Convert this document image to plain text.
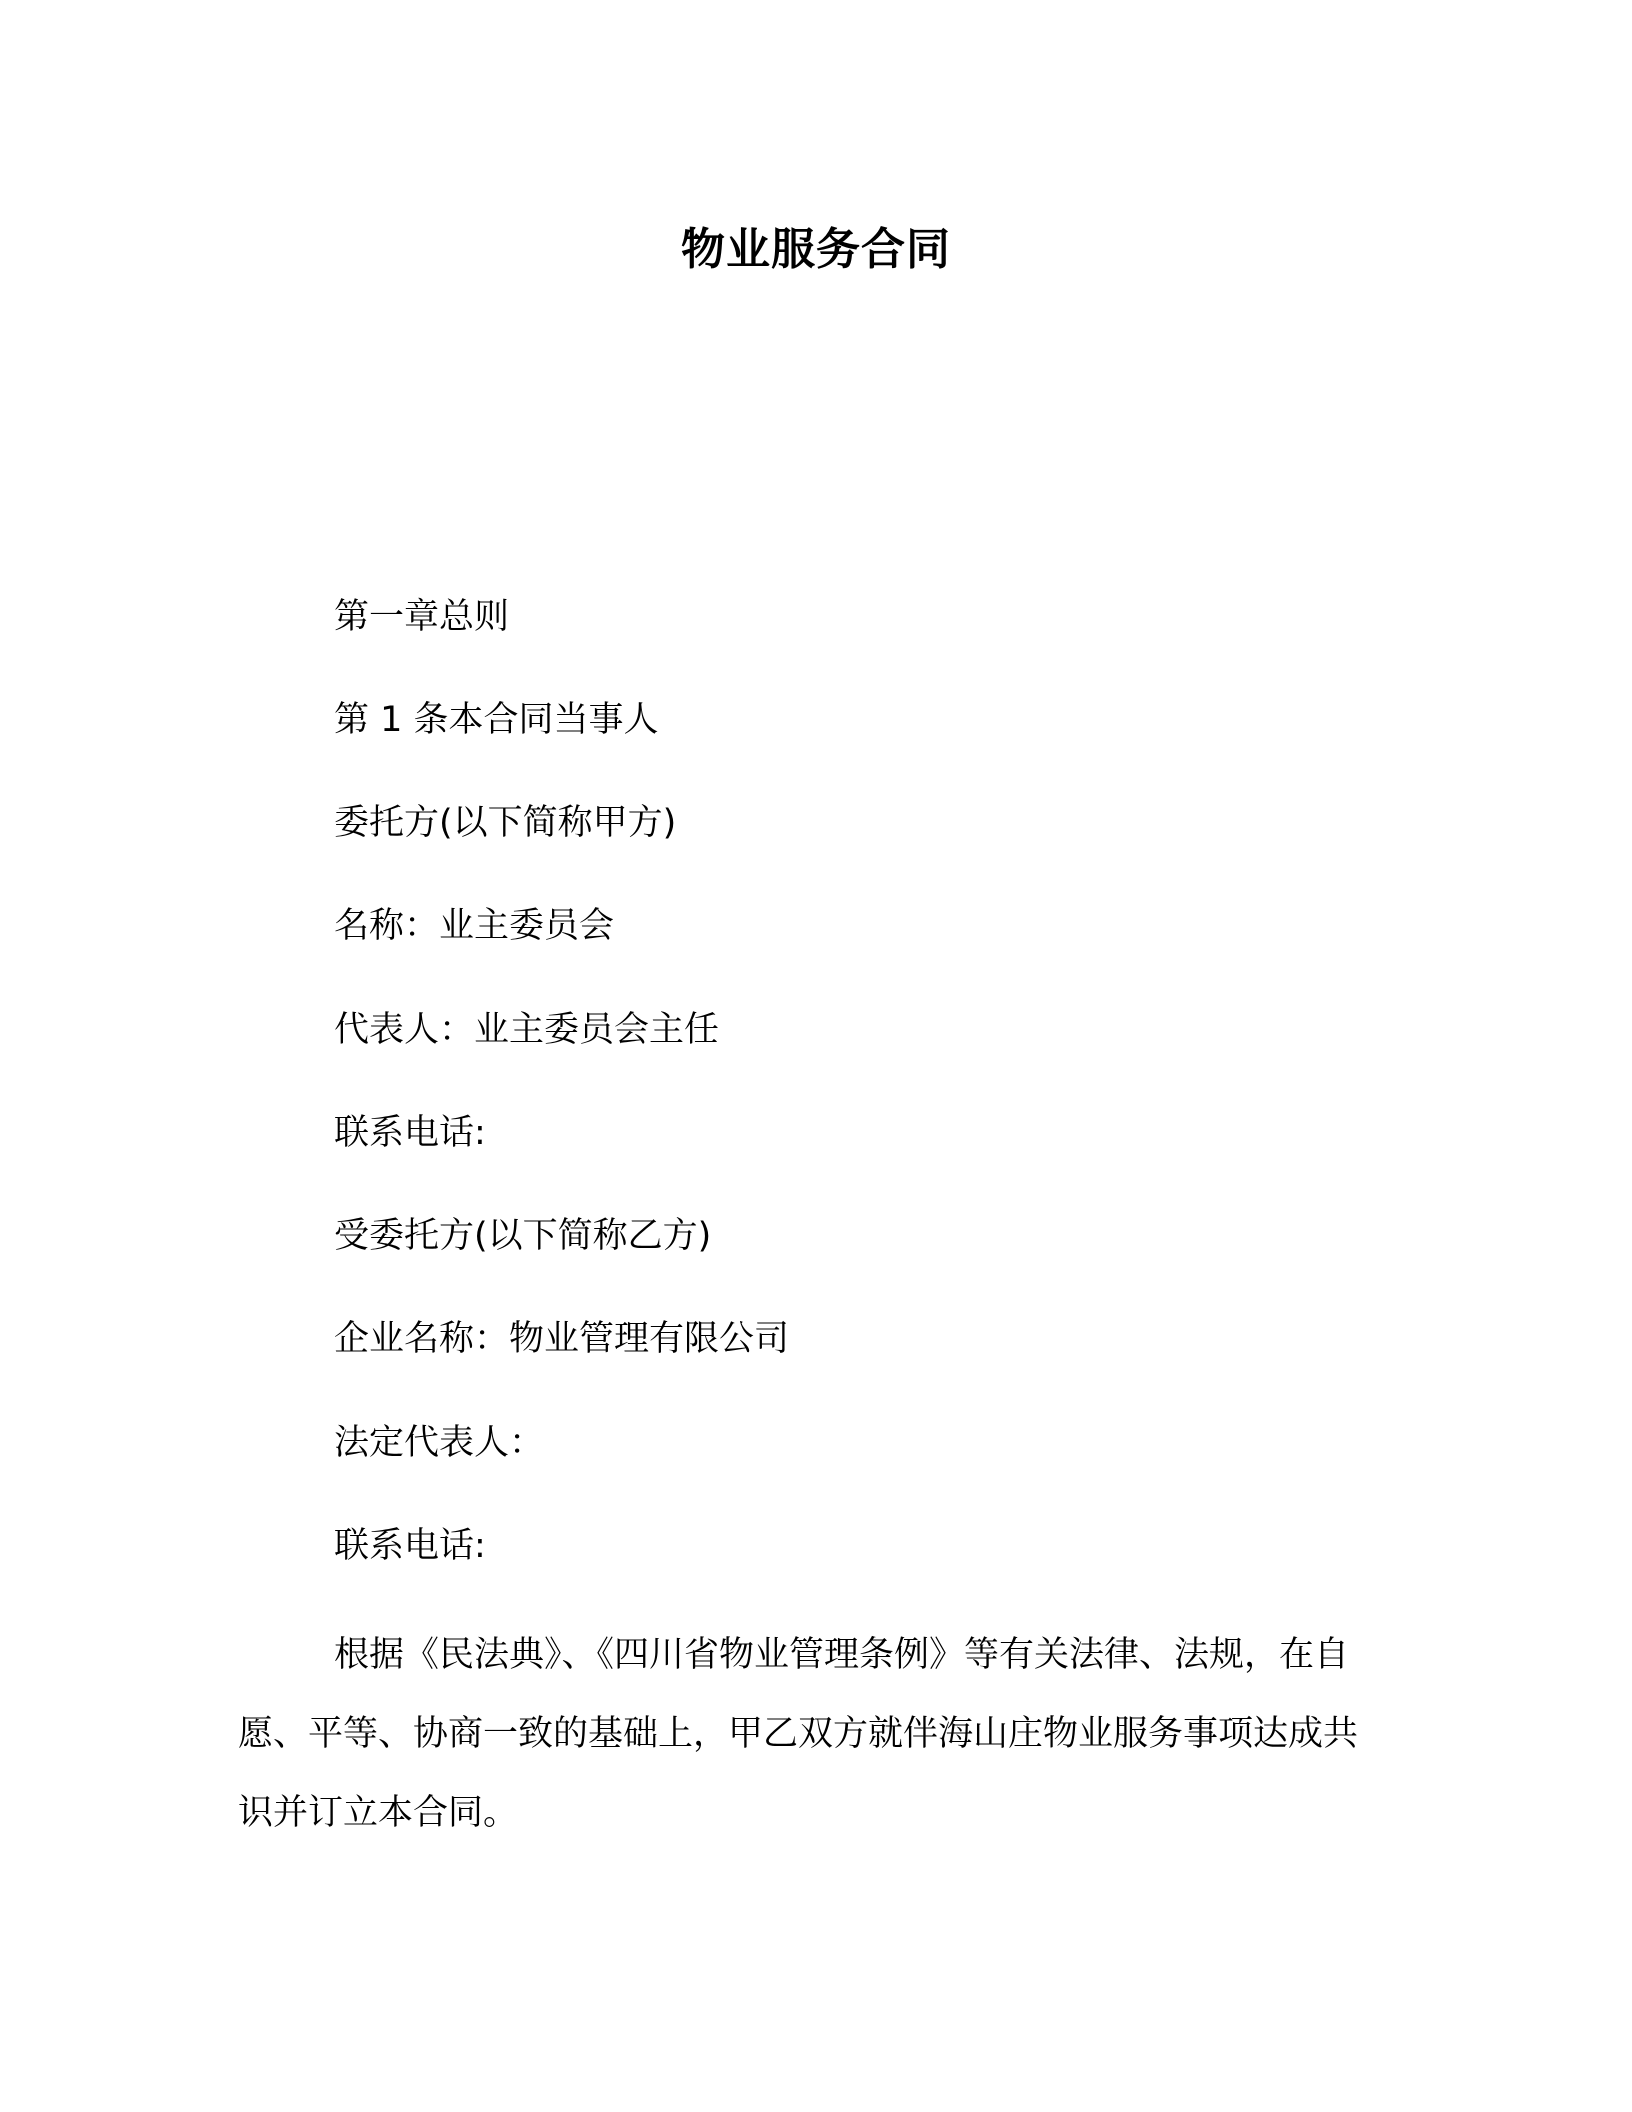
物业服务合同
第一章总则
第 1 条本合同当事人
委托方(以下简称甲方)
名称：业主委员会
代表人：业主委员会主任
联系电话:
受委托方(以下简称乙方)
企业名称：物业管理有限公司
法定代表人：
联系电话:
根据《民法典》、《四川省物业管理条例》等有关法律、法规，在自愿、平等、协商一致的基础上，甲乙双方就伴海山庄物业服务事项达成共识并订立本合同。
